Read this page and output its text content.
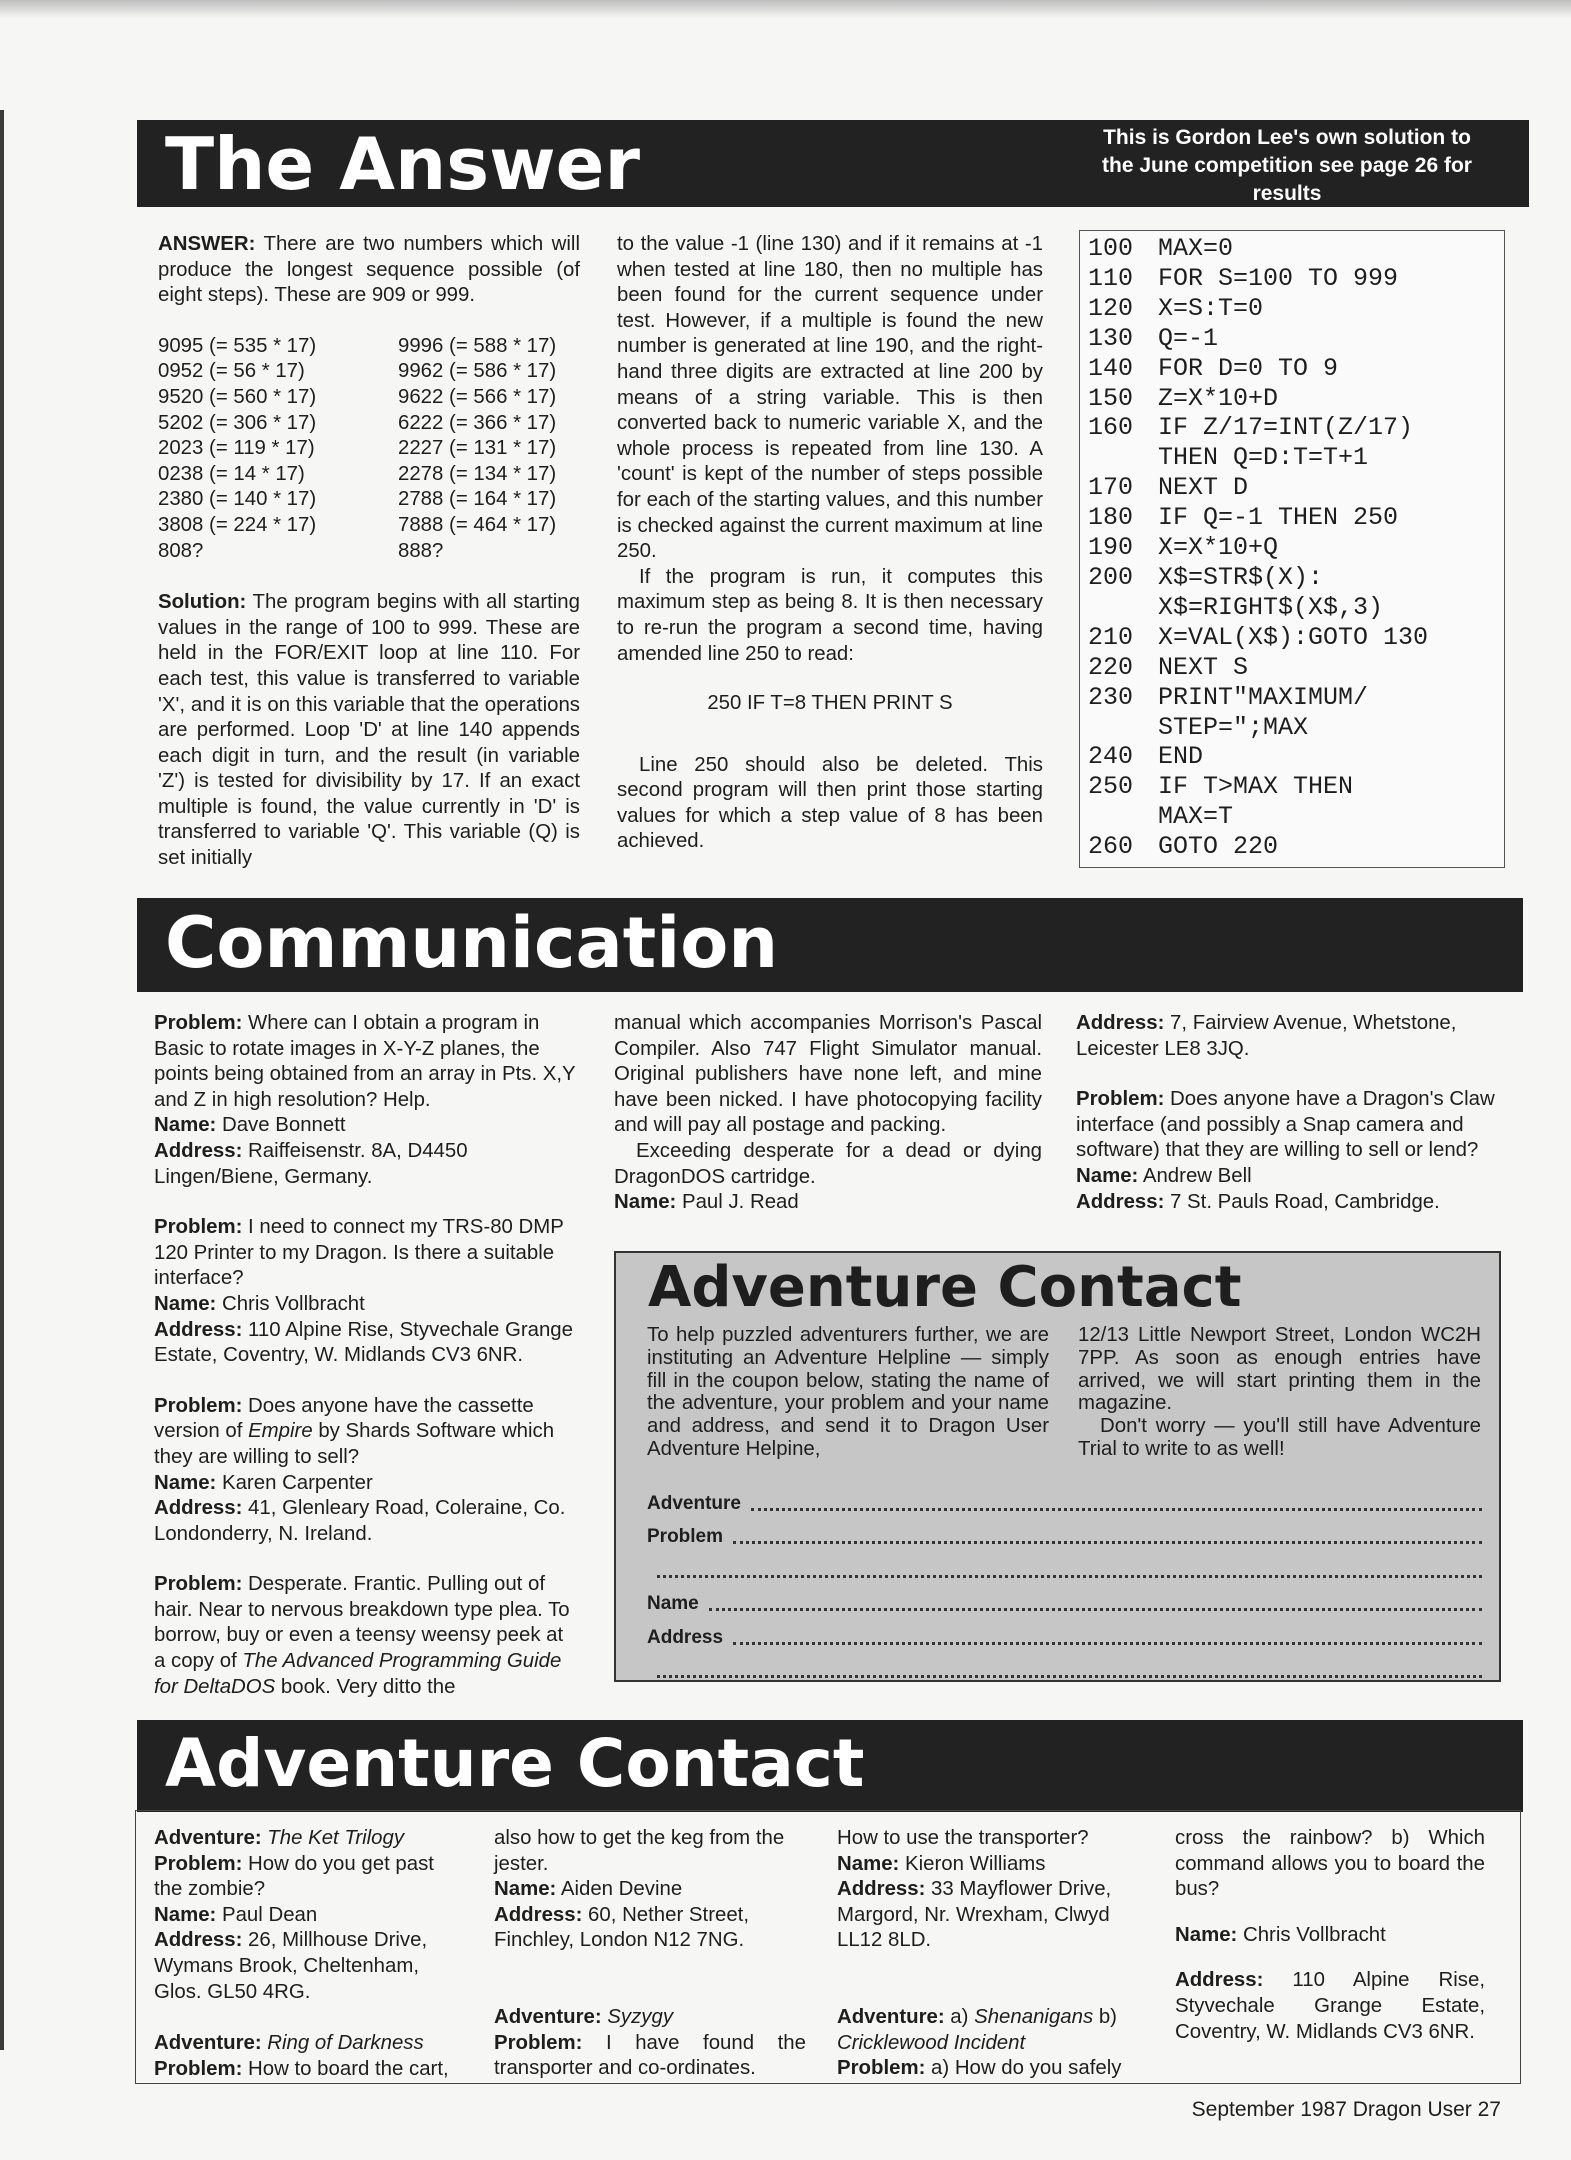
The Answer	This is Gordon Lee's own solution to the June competition see page 26 for results

ANSWER: There are two numbers which will produce the longest sequence possible (of eight steps). These are 909 or 999.

9095 (= 535 * 17)
0952 (= 56 * 17)
9520 (= 560 * 17)
5202 (= 306 * 17)
2023 (= 119 * 17)
0238 (= 14 * 17)
2380 (= 140 * 17)
3808 (= 224 * 17)
808?
9996 (= 588 * 17)
9962 (= 586 * 17)
9622 (= 566 * 17)
6222 (= 366 * 17)
2227 (= 131 * 17)
2278 (= 134 * 17)
2788 (= 164 * 17)
7888 (= 464 * 17)
888?

Solution: The program begins with all starting values in the range of 100 to 999. These are held in the FOR/EXIT loop at line 110. For each test, this value is transferred to variable 'X', and it is on this variable that the operations are performed. Loop 'D' at line 140 appends each digit in turn, and the result (in variable 'Z') is tested for divisibility by 17. If an exact multiple is found, the value currently in 'D' is transferred to variable 'Q'. This variable (Q) is set initially

to the value -1 (line 130) and if it remains at -1 when tested at line 180, then no multiple has been found for the current sequence under test. However, if a multiple is found the new number is generated at line 190, and the right-hand three digits are extracted at line 200 by means of a string variable. This is then converted back to numeric variable X, and the whole process is repeated from line 130. A 'count' is kept of the number of steps possible for each of the starting values, and this number is checked against the current maximum at line 250.

If the program is run, it computes this maximum step as being 8. It is then necessary to re-run the program a second time, having amended line 250 to read:

250 IF T=8 THEN PRINT S

Line 250 should also be deleted. This second program will then print those starting values for which a step value of 8 has been achieved.

100 MAX=0
110 FOR S=100 TO 999
120 X=S:T=0
130 Q=-1
140 FOR D=0 TO 9
150 Z=X*10+D
160 IF Z/17=INT(Z/17)
THEN Q=D:T=T+1
170 NEXT D
180 IF Q=-1 THEN 250
190 X=X*10+Q
200 X$=STR$(X):
X$=RIGHT$(X$,3)
210 X=VAL(X$):GOTO 130
220 NEXT S
230 PRINT"MAXIMUM/
STEP=";MAX
240 END
250 IF T>MAX THEN
MAX=T
260 GOTO 220
Communication

Problem: Where can I obtain a program in Basic to rotate images in X-Y-Z planes, the points being obtained from an array in Pts. X,Y and Z in high resolution? Help.
Name: Dave Bonnett
Address: Raiffeisenstr. 8A, D4450 Lingen/Biene, Germany.

Problem: I need to connect my TRS-80 DMP 120 Printer to my Dragon. Is there a suitable interface?
Name: Chris Vollbracht
Address: 110 Alpine Rise, Styvechale Grange Estate, Coventry, W. Midlands CV3 6NR.

Problem: Does anyone have the cassette version of Empire by Shards Software which they are willing to sell?
Name: Karen Carpenter
Address: 41, Glenleary Road, Coleraine, Co. Londonderry, N. Ireland.

Problem: Desperate. Frantic. Pulling out of hair. Near to nervous breakdown type plea. To borrow, buy or even a teensy weensy peek at a copy of The Advanced Programming Guide for DeltaDOS book. Very ditto the

manual which accompanies Morrison's Pascal Compiler. Also 747 Flight Simulator manual. Original publishers have none left, and mine have been nicked. I have photocopying facility and will pay all postage and packing.
Exceeding desperate for a dead or dying DragonDOS cartridge.
Name: Paul J. Read

Address: 7, Fairview Avenue, Whetstone, Leicester LE8 3JQ.

Problem: Does anyone have a Dragon's Claw interface (and possibly a Snap camera and software) that they are willing to sell or lend?
Name: Andrew Bell
Address: 7 St. Pauls Road, Cambridge.

Adventure Contact
To help puzzled adventurers further, we are instituting an Adventure Helpline — simply fill in the coupon below, stating the name of the adventure, your problem and your name and address, and send it to Dragon User Adventure Helpine,
12/13 Little Newport Street, London WC2H 7PP. As soon as enough entries have arrived, we will start printing them in the magazine.
Don't worry — you'll still have Adventure Trial to write to as well!
Adventure
Problem
Name
Address
Adventure Contact

Adventure: The Ket Trilogy
Problem: How do you get past the zombie?
Name: Paul Dean
Address: 26, Millhouse Drive, Wymans Brook, Cheltenham, Glos. GL50 4RG.

Adventure: Ring of Darkness
Problem: How to board the cart,

also how to get the keg from the jester.
Name: Aiden Devine
Address: 60, Nether Street, Finchley, London N12 7NG.

Adventure: Syzygy
Problem: I have found the transporter and co-ordinates.

How to use the transporter?
Name: Kieron Williams
Address: 33 Mayflower Drive, Margord, Nr. Wrexham, Clwyd LL12 8LD.

Adventure: a) Shenanigans b) Cricklewood Incident
Problem: a) How do you safely

cross the rainbow? b) Which command allows you to board the bus?

Name: Chris Vollbracht

Address: 110 Alpine Rise, Styvechale Grange Estate, Coventry, W. Midlands CV3 6NR.

September 1987 Dragon User 27
